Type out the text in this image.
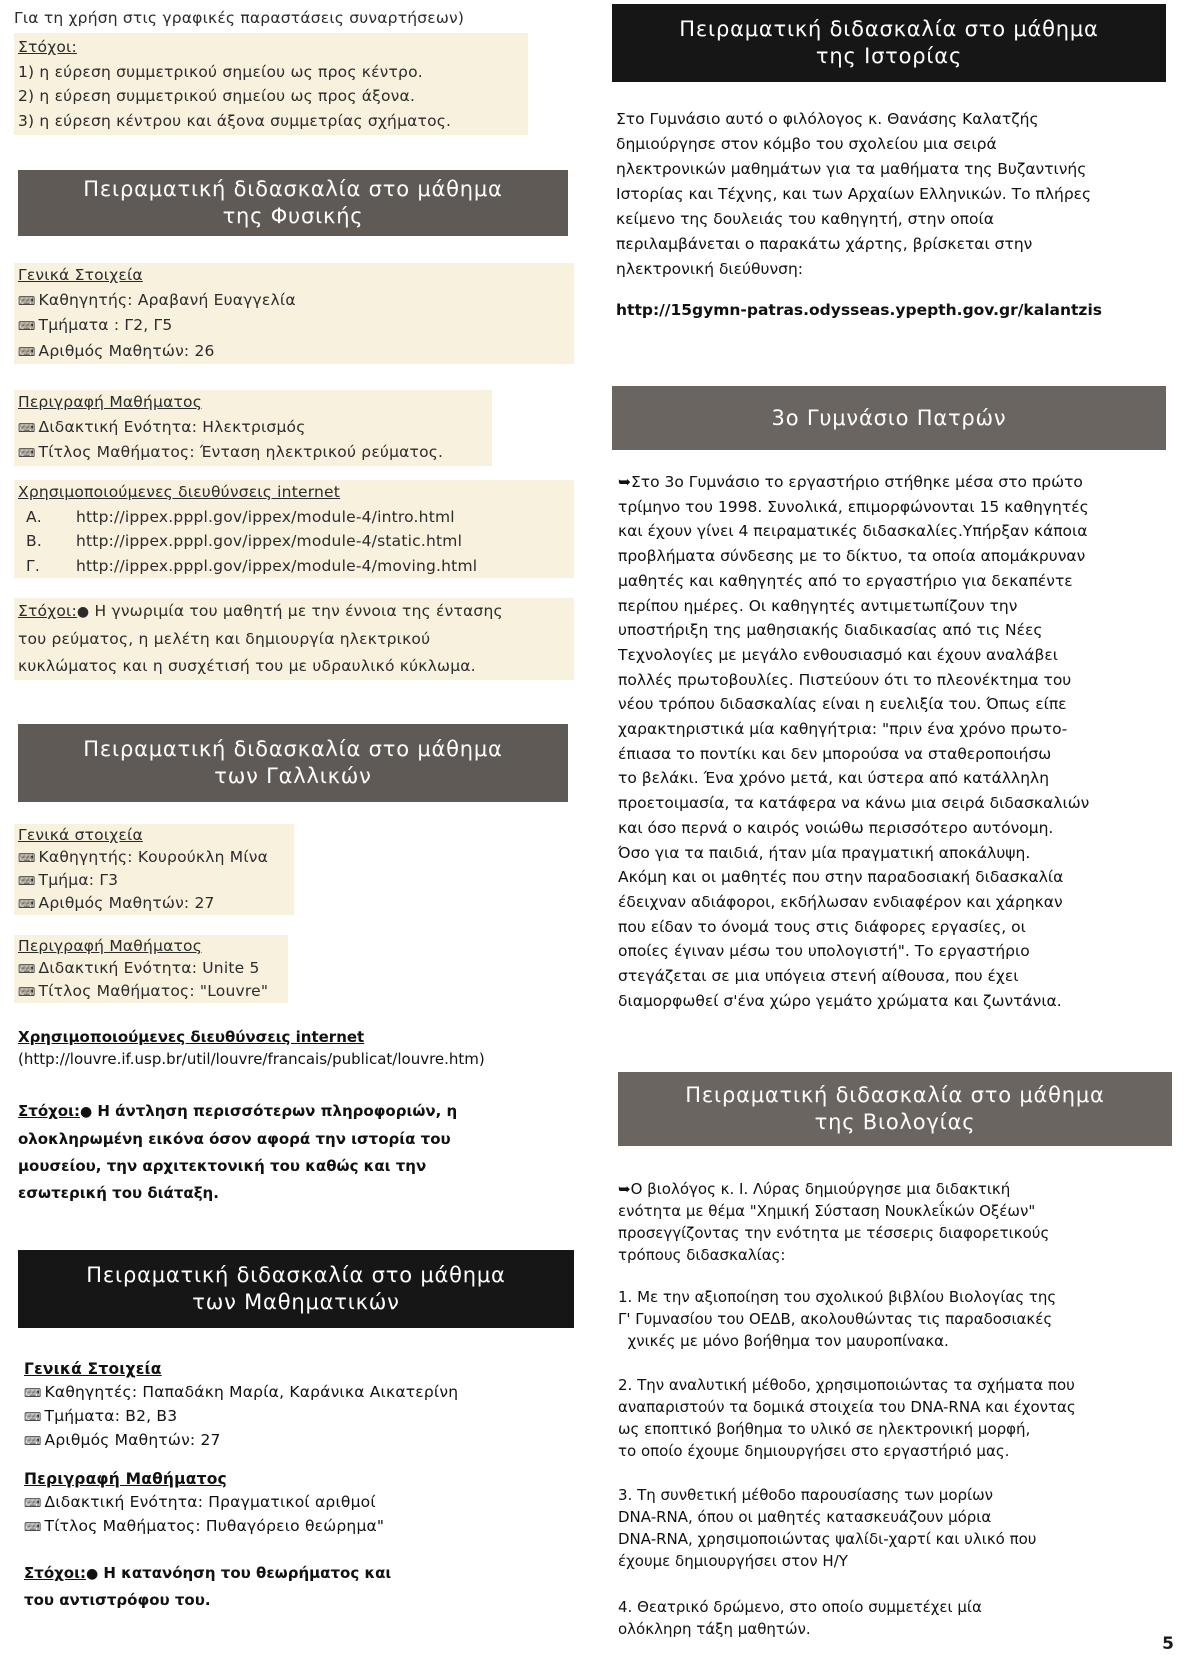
Για τη χρήση στις γραφικές παραστάσεις συναρτήσεων)
Στόχοι:
1) η εύρεση συμμετρικού σημείου ως προς κέντρο.
2) η εύρεση συμμετρικού σημείου ως προς άξονα.
3) η εύρεση κέντρου και άξονα συμμετρίας σχήματος.
Πειραματική διδασκαλία στο μάθημα
της Φυσικής
Γενικά Στοιχεία
⌨ Καθηγητής: Αραβανή Ευαγγελία
⌨ Τμήματα : Γ2, Γ5
⌨ Αριθμός Μαθητών: 26
Περιγραφή Μαθήματος
⌨ Διδακτική Ενότητα: Ηλεκτρισμός
⌨ Τίτλος Μαθήματος: Ένταση ηλεκτρικού ρεύματος.
Χρησιμοποιούμενες διευθύνσεις internet
Α. http://ippex.pppl.gov/ippex/module-4/intro.html
Β. http://ippex.pppl.gov/ippex/module-4/static.html
Γ. http://ippex.pppl.gov/ippex/module-4/moving.html
Στόχοι:● Η γνωριμία του μαθητή με την έννοια της έντασης
του ρεύματος, η μελέτη και δημιουργία ηλεκτρικού
κυκλώματος και η συσχέτισή του με υδραυλικό κύκλωμα.
Πειραματική διδασκαλία στο μάθημα
των Γαλλικών
Γενικά στοιχεία
⌨ Καθηγητής: Κουρούκλη Μίνα
⌨ Τμήμα: Γ3
⌨ Αριθμός Μαθητών: 27
Περιγραφή Μαθήματος
⌨ Διδακτική Ενότητα: Unite 5
⌨ Τίτλος Μαθήματος: "Louvre"
Χρησιμοποιούμενες διευθύνσεις internet
(http://louvre.if.usp.br/util/louvre/francais/publicat/louvre.htm)
Στόχοι:● Η άντληση περισσότερων πληροφοριών, η
ολοκληρωμένη εικόνα όσον αφορά την ιστορία του
μουσείου, την αρχιτεκτονική του καθώς και την
εσωτερική του διάταξη.
Πειραματική διδασκαλία στο μάθημα
των Μαθηματικών
Γενικά Στοιχεία
⌨ Καθηγητές: Παπαδάκη Μαρία, Καράνικα Αικατερίνη
⌨ Τμήματα: Β2, Β3
⌨ Αριθμός Μαθητών: 27
Περιγραφή Μαθήματος
⌨ Διδακτική Ενότητα: Πραγματικοί αριθμοί
⌨ Τίτλος Μαθήματος: Πυθαγόρειο θεώρημα"
Στόχοι:● Η κατανόηση του θεωρήματος και
του αντιστρόφου του.
Πειραματική διδασκαλία στο μάθημα
της Ιστορίας
Στο Γυμνάσιο αυτό ο φιλόλογος κ. Θανάσης Καλατζής
δημιούργησε στον κόμβο του σχολείου μια σειρά
ηλεκτρονικών μαθημάτων για τα μαθήματα της Βυζαντινής
Ιστορίας και Τέχνης, και των Αρχαίων Ελληνικών. Το πλήρες
κείμενο της δουλειάς του καθηγητή, στην οποία
περιλαμβάνεται ο παρακάτω χάρτης, βρίσκεται στην
ηλεκτρονική διεύθυνση:
http://15gymn-patras.odysseas.ypepth.gov.gr/kalantzis
3ο Γυμνάσιο Πατρών
➥Στο 3ο Γυμνάσιο το εργαστήριο στήθηκε μέσα στο πρώτο
τρίμηνο του 1998. Συνολικά, επιμορφώνονται 15 καθηγητές
και έχουν γίνει 4 πειραματικές διδασκαλίες.Υπήρξαν κάποια
προβλήματα σύνδεσης με το δίκτυο, τα οποία απομάκρυναν
μαθητές και καθηγητές από το εργαστήριο για δεκαπέντε
περίπου ημέρες. Οι καθηγητές αντιμετωπίζουν την
υποστήριξη της μαθησιακής διαδικασίας από τις Νέες
Τεχνολογίες με μεγάλο ενθουσιασμό και έχουν αναλάβει
πολλές πρωτοβουλίες. Πιστεύουν ότι το πλεονέκτημα του
νέου τρόπου διδασκαλίας είναι η ευελιξία του. Όπως είπε
χαρακτηριστικά μία καθηγήτρια: "πριν ένα χρόνο πρωτο-
έπιασα το ποντίκι και δεν μπορούσα να σταθεροποιήσω
το βελάκι. Ένα χρόνο μετά, και ύστερα από κατάλληλη
προετοιμασία, τα κατάφερα να κάνω μια σειρά διδασκαλιών
και όσο περνά ο καιρός νοιώθω περισσότερο αυτόνομη.
Όσο για τα παιδιά, ήταν μία πραγματική αποκάλυψη.
Ακόμη και οι μαθητές που στην παραδοσιακή διδασκαλία
έδειχναν αδιάφοροι, εκδήλωσαν ενδιαφέρον και χάρηκαν
που είδαν το όνομά τους στις διάφορες εργασίες, οι
οποίες έγιναν μέσω του υπολογιστή". Το εργαστήριο
στεγάζεται σε μια υπόγεια στενή αίθουσα, που έχει
διαμορφωθεί σ'ένα χώρο γεμάτο χρώματα και ζωντάνια.
Πειραματική διδασκαλία στο μάθημα
της Βιολογίας
➥Ο βιολόγος κ. Ι. Λύρας δημιούργησε μια διδακτική
ενότητα με θέμα "Χημική Σύσταση Νουκλεΐκών Οξέων"
προσεγγίζοντας την ενότητα με τέσσερις διαφορετικούς
τρόπους διδασκαλίας:
1. Με την αξιοποίηση του σχολικού βιβλίου Βιολογίας της
Γ' Γυμνασίου του ΟΕΔΒ, ακολουθώντας τις παραδοσιακές
χνικές με μόνο βοήθημα τον μαυροπίνακα.
2. Την αναλυτική μέθοδο, χρησιμοποιώντας τα σχήματα που
αναπαριστούν τα δομικά στοιχεία του DNA-RNA και έχοντας
ως εποπτικό βοήθημα το υλικό σε ηλεκτρονική μορφή,
το οποίο έχουμε δημιουργήσει στο εργαστήριό μας.
3. Τη συνθετική μέθοδο παρουσίασης των μορίων
DNA-RNA, όπου οι μαθητές κατασκευάζουν μόρια
DNA-RNA, χρησιμοποιώντας ψαλίδι-χαρτί και υλικό που
έχουμε δημιουργήσει στον Η/Υ
4. Θεατρικό δρώμενο, στο οποίο συμμετέχει μία
ολόκληρη τάξη μαθητών.
5
